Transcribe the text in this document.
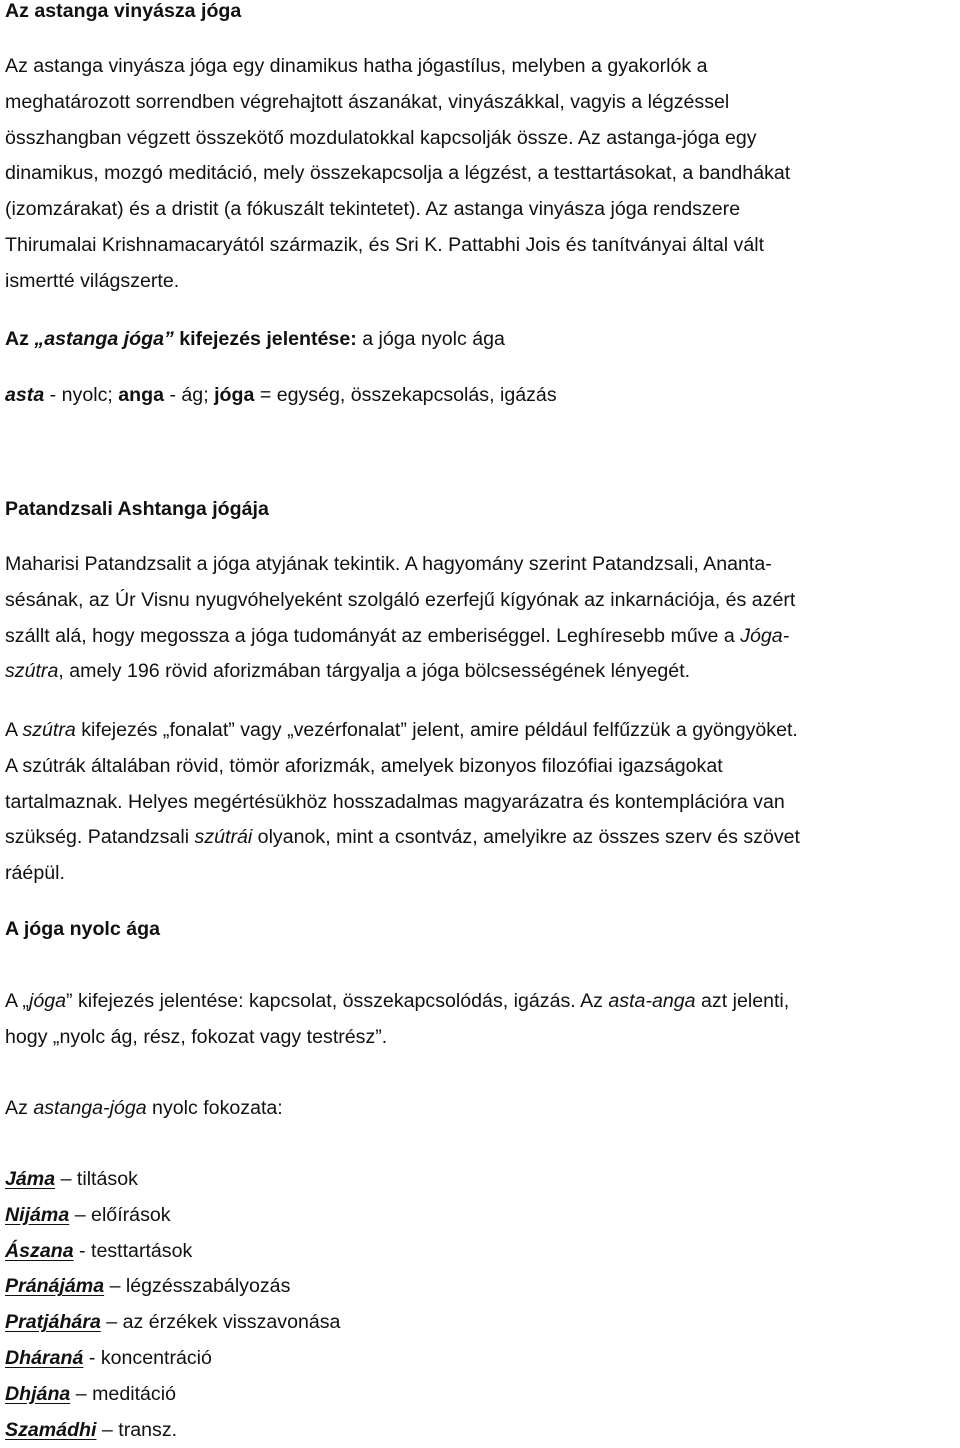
Az astanga vinyásza jóga
Az astanga vinyásza jóga egy dinamikus hatha jógastílus, melyben a gyakorlók a
meghatározott sorrendben végrehajtott ászanákat, vinyászákkal, vagyis a légzéssel
összhangban végzett összekötő mozdulatokkal kapcsolják össze. Az astanga-jóga egy
dinamikus, mozgó meditáció, mely összekapcsolja a légzést, a testtartásokat, a bandhákat
(izomzárakat) és a dristit (a fókuszált tekintetet). Az astanga vinyásza jóga rendszere
Thirumalai Krishnamacaryától származik, és Sri K. Pattabhi Jois és tanítványai által vált
ismertté világszerte.

Az „astanga jóga” kifejezés jelentése: a jóga nyolc ága

asta - nyolc; anga - ág; jóga = egység, összekapcsolás, igázás

Patandzsali Ashtanga jógája
Maharisi Patandzsalit a jóga atyjának tekintik. A hagyomány szerint Patandzsali, Ananta-
sésának, az Úr Visnu nyugvóhelyeként szolgáló ezerfejű kígyónak az inkarnációja, és azért
szállt alá, hogy megossza a jóga tudományát az emberiséggel. Leghíresebb műve a Jóga-
szútra, amely 196 rövid aforizmában tárgyalja a jóga bölcsességének lényegét.
A szútra kifejezés „fonalat” vagy „vezérfonalat” jelent, amire például felfűzzük a gyöngyöket.
A szútrák általában rövid, tömör aforizmák, amelyek bizonyos filozófiai igazságokat
tartalmaznak. Helyes megértésükhöz hosszadalmas magyarázatra és kontemplációra van
szükség. Patandzsali szútrái olyanok, mint a csontváz, amelyikre az összes szerv és szövet
ráépül.
A jóga nyolc ága
A „jóga” kifejezés jelentése: kapcsolat, összekapcsolódás, igázás. Az asta-anga azt jelenti,
hogy „nyolc ág, rész, fokozat vagy testrész”.

Az astanga-jóga nyolc fokozata:

Jáma – tiltások
Nijáma – előírások
Ászana - testtartások
Pránájáma – légzésszabályozás
Pratjáhára – az érzékek visszavonása
Dháraná - koncentráció
Dhjána – meditáció
Szamádhi – transz.
